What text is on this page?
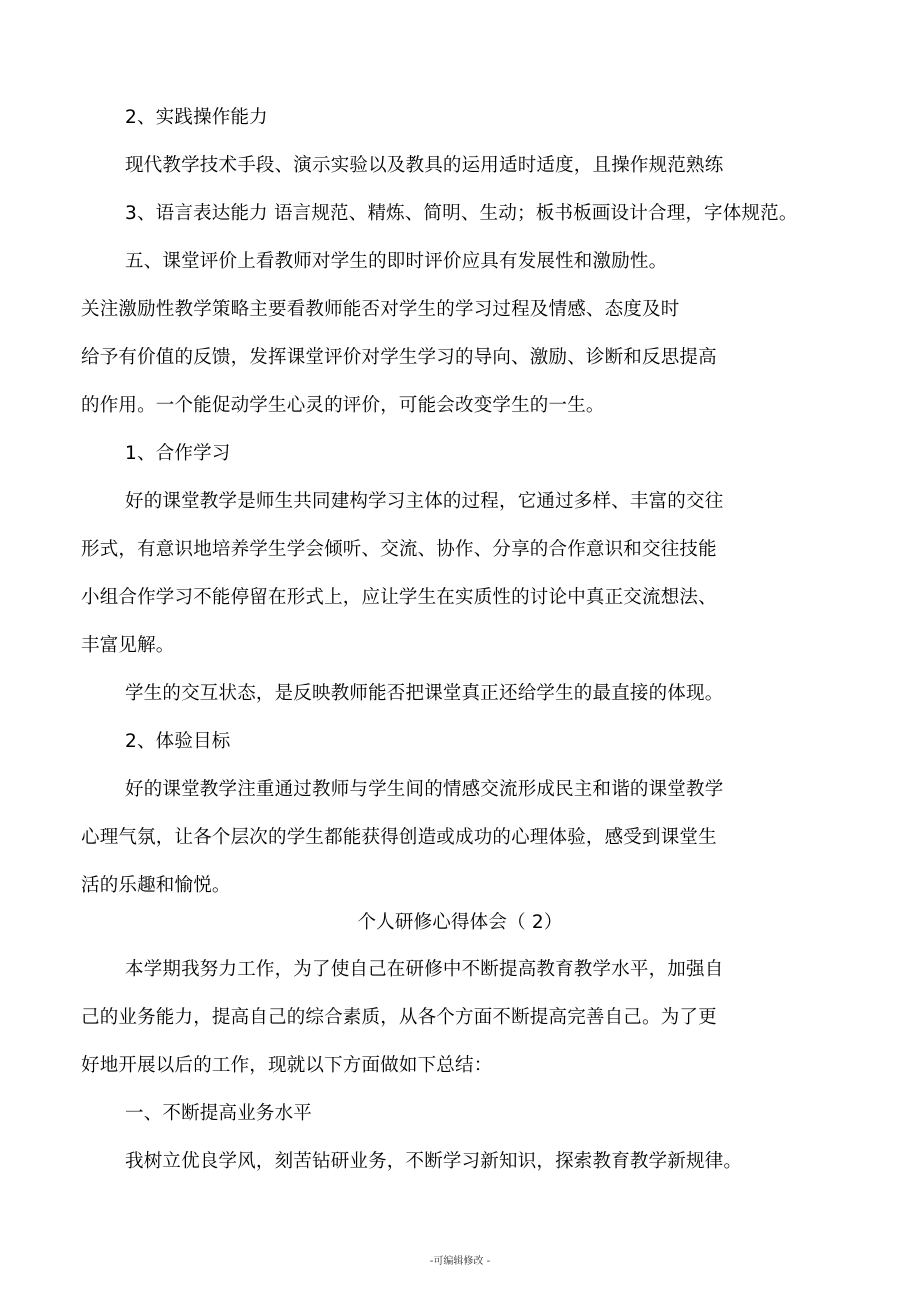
2、实践操作能力
现代教学技术手段、演示实验以及教具的运用适时适度，且操作规范熟练
3、语言表达能力 语言规范、精炼、简明、生动；板书板画设计合理，字体规范。
五、课堂评价上看教师对学生的即时评价应具有发展性和激励性。
关注激励性教学策略主要看教师能否对学生的学习过程及情感、态度及时
给予有价值的反馈，发挥课堂评价对学生学习的导向、激励、诊断和反思提高
的作用。一个能促动学生心灵的评价，可能会改变学生的一生。
1、合作学习
好的课堂教学是师生共同建构学习主体的过程，它通过多样、丰富的交往
形式，有意识地培养学生学会倾听、交流、协作、分享的合作意识和交往技能
小组合作学习不能停留在形式上，应让学生在实质性的讨论中真正交流想法、
丰富见解。
学生的交互状态，是反映教师能否把课堂真正还给学生的最直接的体现。
2、体验目标
好的课堂教学注重通过教师与学生间的情感交流形成民主和谐的课堂教学
心理气氛，让各个层次的学生都能获得创造或成功的心理体验，感受到课堂生
活的乐趣和愉悦。
个人研修心得体会（ 2）
本学期我努力工作，为了使自己在研修中不断提高教育教学水平，加强自
己的业务能力，提高自己的综合素质，从各个方面不断提高完善自己。为了更
好地开展以后的工作，现就以下方面做如下总结：
一、不断提高业务水平
我树立优良学风，刻苦钻研业务，不断学习新知识，探索教育教学新规律。
-可编辑修改 -
